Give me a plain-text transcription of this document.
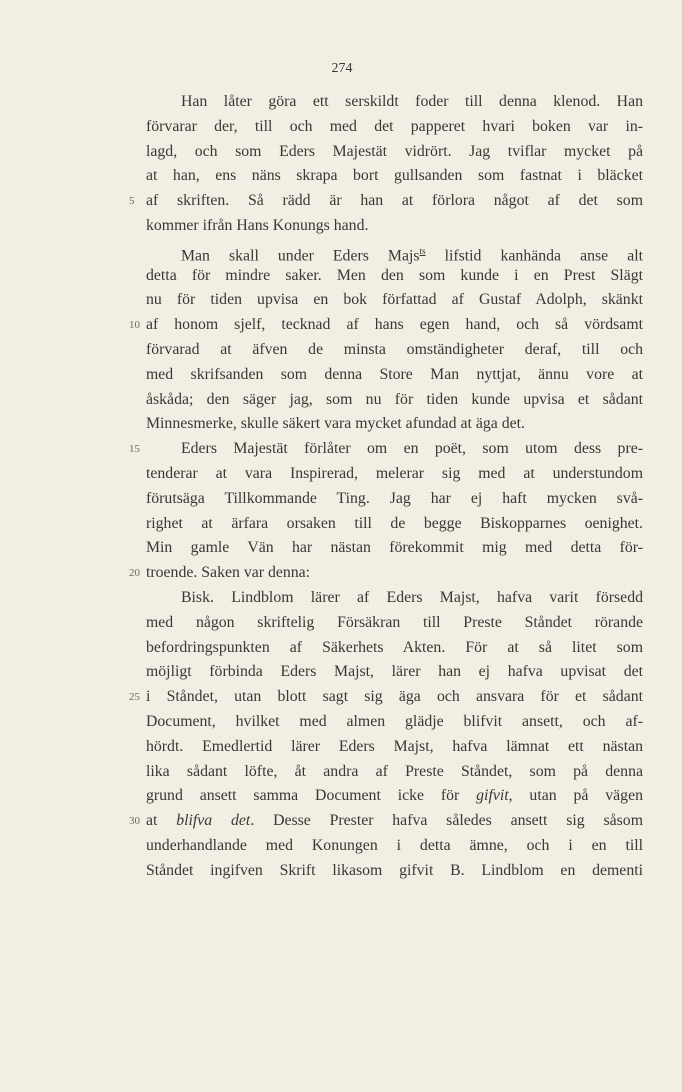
274
Han låter göra ett serskildt foder till denna klenod. Han
förvarar der, till och med det papperet hvari boken var in-
lagd, och som Eders Majestät vidrört. Jag tviflar mycket på
at han, ens näns skrapa bort gullsanden som fastnat i bläcket
5 af skriften. Så rädd är han at förlora något af det som
kommer ifrån Hans Konungs hand.
Man skall under Eders Majs$^{ts}$ lifstid kanhända anse alt
detta för mindre saker. Men den som kunde i en Prest Slägt
nu för tiden upvisa en bok författad af Gustaf Adolph, skänkt
10 af honom sjelf, tecknad af hans egen hand, och så vördsamt
förvarad at äfven de minsta omständigheter deraf, till och
med skrifsanden som denna Store Man nyttjat, ännu vore at
åskåda; den säger jag, som nu för tiden kunde upvisa et sådant
Minnesmerke, skulle säkert vara mycket afundad at äga det.
15	Eders Majestät förlåter om en poët, som utom dess pre-
tenderar at vara Inspirerad, melerar sig med at understundom
förutsäga Tillkommande Ting. Jag har ej haft mycken svå-
righet at ärfara orsaken till de begge Biskopparnes oenighet.
Min gamle Vän har nästan förekommit mig med detta för-
20 troende. Saken var denna:
Bisk. Lindblom lärer af Eders Majst, hafva varit försedd
med någon skriftelig Försäkran till Preste Ståndet rörande
befordringspunkten af Säkerhets Akten. För at så litet som
möjligt förbinda Eders Majst, lärer han ej hafva upvisat det
25 i Ståndet, utan blott sagt sig äga och ansvara för et sådant
Document, hvilket med almen glädje blifvit ansett, och af-
hördt. Emedlertid lärer Eders Majst, hafva lämnat ett nästan
lika sådant löfte, åt andra af Preste Ståndet, som på denna
grund ansett samma Document icke för gifvit, utan på vägen
30 at blifva det. Desse Prester hafva således ansett sig såsom
underhandlande med Konungen i detta ämne, och i en till
Ståndet ingifven Skrift likasom gifvit B. Lindblom en dementi
